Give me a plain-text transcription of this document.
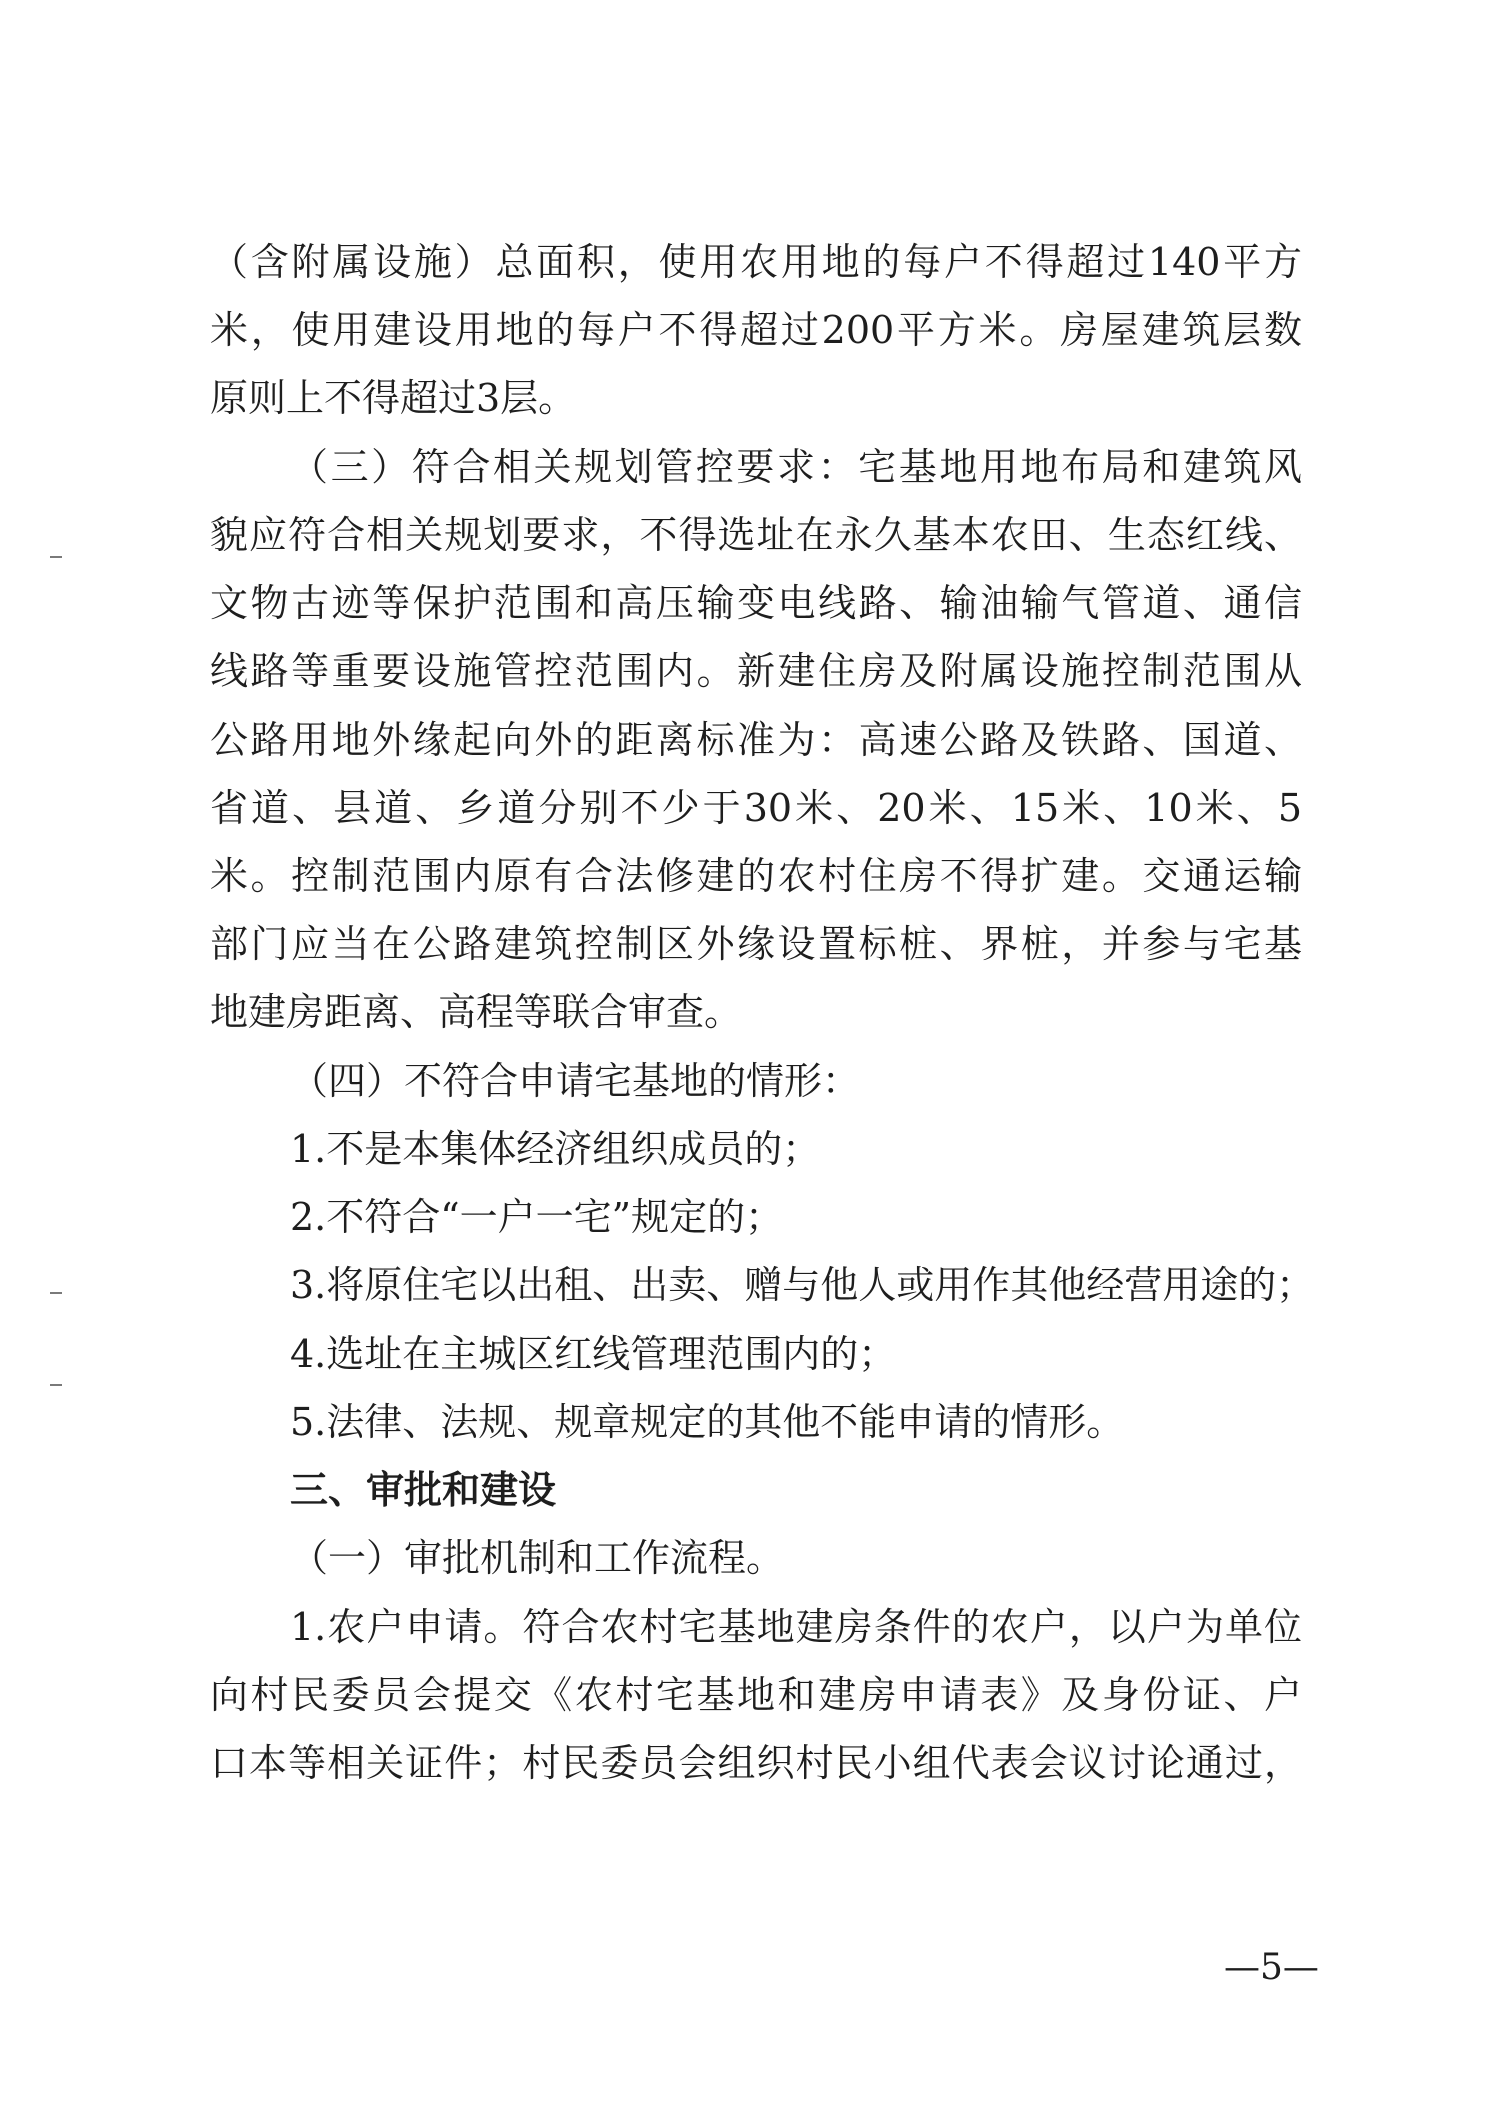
（含附属设施）总面积，使用农用地的每户不得超过140平方
米，使用建设用地的每户不得超过200平方米。房屋建筑层数
原则上不得超过3层。
（三）符合相关规划管控要求：宅基地用地布局和建筑风
貌应符合相关规划要求，不得选址在永久基本农田、生态红线、
文物古迹等保护范围和高压输变电线路、输油输气管道、通信
线路等重要设施管控范围内。新建住房及附属设施控制范围从
公路用地外缘起向外的距离标准为：高速公路及铁路、国道、
省道、县道、乡道分别不少于30米、20米、15米、10米、5
米。控制范围内原有合法修建的农村住房不得扩建。交通运输
部门应当在公路建筑控制区外缘设置标桩、界桩，并参与宅基
地建房距离、高程等联合审查。
（四）不符合申请宅基地的情形：
1.不是本集体经济组织成员的；
2.不符合“一户一宅”规定的；
3.将原住宅以出租、出卖、赠与他人或用作其他经营用途的；
4.选址在主城区红线管理范围内的；
5.法律、法规、规章规定的其他不能申请的情形。
三、审批和建设
（一）审批机制和工作流程。
1.农户申请。符合农村宅基地建房条件的农户，以户为单位
向村民委员会提交《农村宅基地和建房申请表》及身份证、户
口本等相关证件；村民委员会组织村民小组代表会议讨论通过，
—5—
